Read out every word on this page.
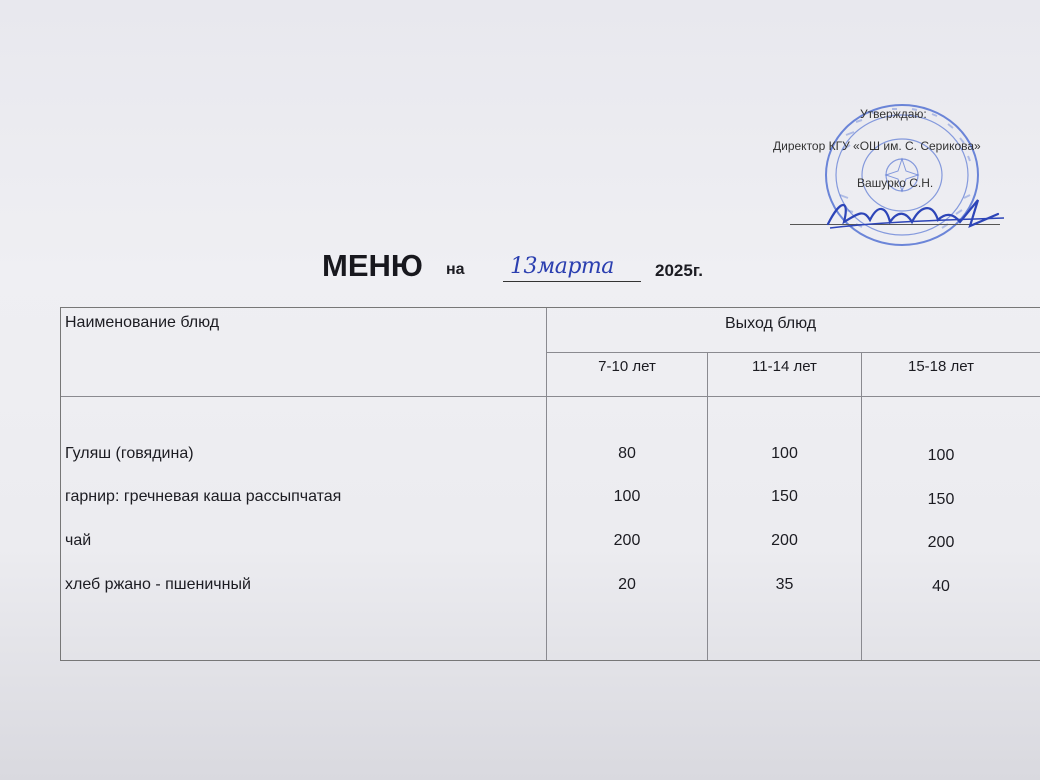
Утверждаю:
Директор КГУ «ОШ им. С. Серикова»
Вашурко С.Н.
МЕНЮ на 13марта 2025г.
Наименование блюд	Выход блюд
7-10 лет	11-14 лет	15-18 лет
Гуляш (говядина)	80	100	100
гарнир: гречневая каша рассыпчатая	100	150	150
чай	200	200	200
хлеб ржано - пшеничный	20	35	40
